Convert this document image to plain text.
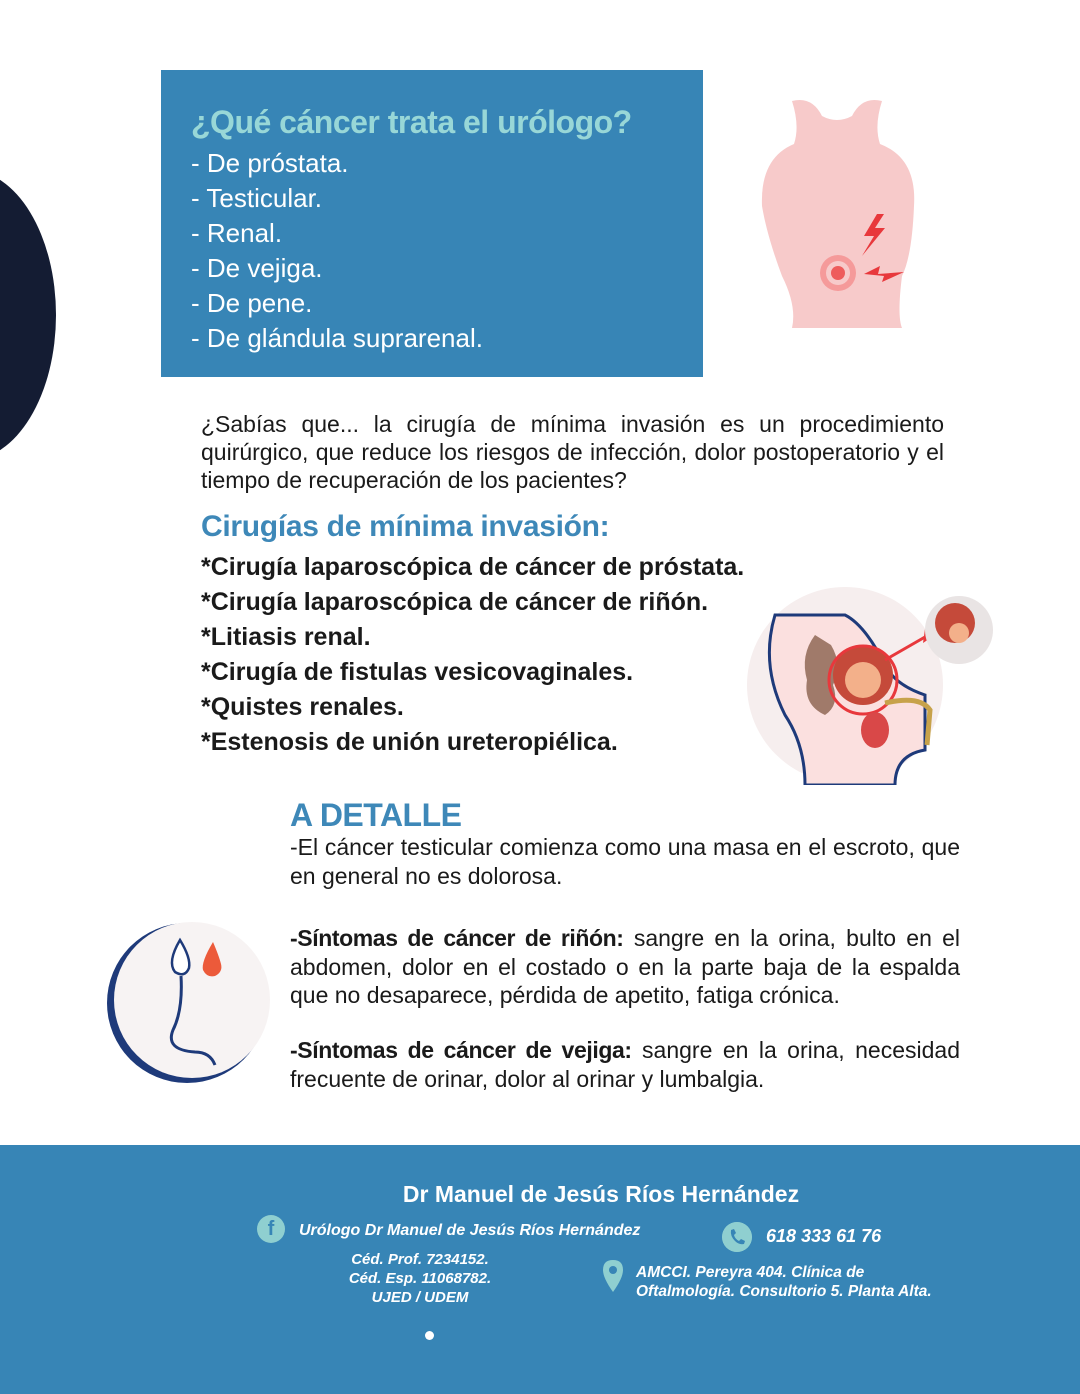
¿Qué cáncer trata el urólogo?
- De próstata.
- Testicular.
- Renal.
- De vejiga.
- De pene.
- De glándula suprarenal.

¿Sabías que... la cirugía de mínima invasión es un procedimiento quirúrgico, que reduce los riesgos de infección, dolor postoperatorio y el tiempo de recuperación de los pacientes?

Cirugías de mínima invasión:
*Cirugía laparoscópica de cáncer de próstata.
*Cirugía laparoscópica de cáncer de riñón.
*Litiasis renal.
*Cirugía de fistulas vesicovaginales.
*Quistes renales.
*Estenosis de unión ureteropiélica.
A DETALLE

-El cáncer testicular comienza como una masa en el escroto, que en general no es dolorosa.

-Síntomas de cáncer de riñón: sangre en la orina, bulto en el abdomen, dolor en el costado o en la parte baja de la espalda que no desaparece, pérdida de apetito, fatiga crónica.

-Síntomas de cáncer de vejiga: sangre en la orina, necesidad frecuente de orinar, dolor al orinar y lumbalgia.

Dr Manuel de Jesús Ríos Hernández
f	Urólogo Dr Manuel de Jesús Ríos Hernández	618 333 61 76
Céd. Prof. 7234152.
Céd. Esp. 11068782.
UJED / UDEM
AMCCI. Pereyra 404. Clínica de
Oftalmología. Consultorio 5. Planta Alta.
